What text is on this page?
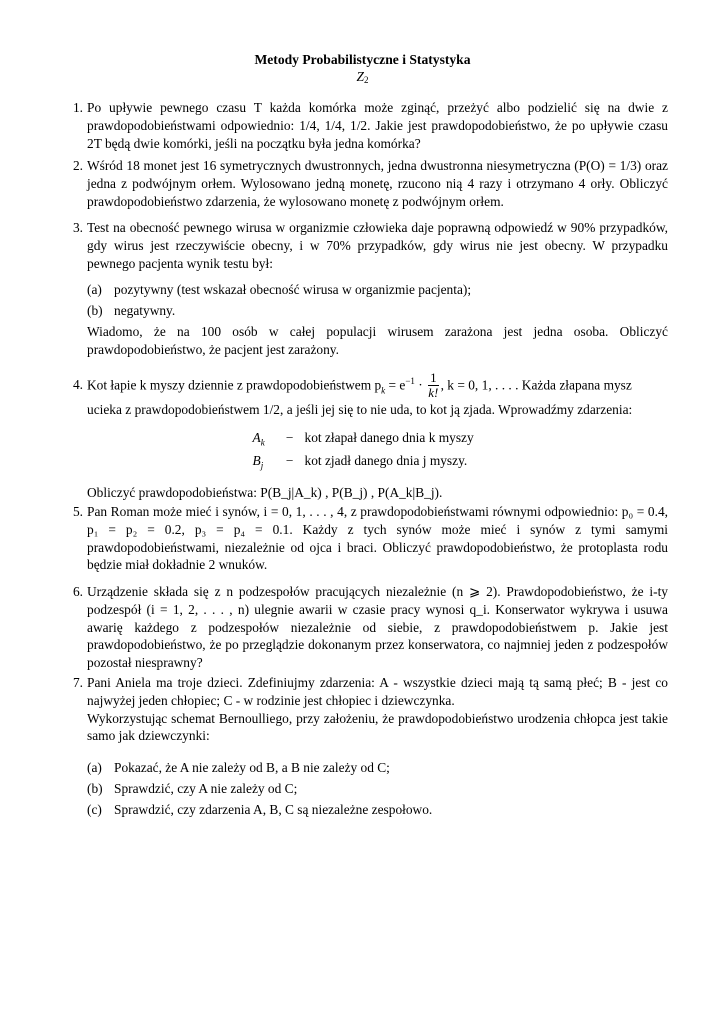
Metody Probabilistyczne i Statystyka
$Z_2$
1. Po upływie pewnego czasu T każda komórka może zginąć, przeżyć albo podzielić się na dwie z prawdopodobieństwami odpowiednio: 1/4, 1/4, 1/2. Jakie jest prawdopodobieństwo, że po upływie czasu 2T będą dwie komórki, jeśli na początku była jedna komórka?

2. Wśród 18 monet jest 16 symetrycznych dwustronnych, jedna dwustronna niesymetryczna (P(O) = 1/3) oraz jedna z podwójnym orłem. Wylosowano jedną monetę, rzucono nią 4 razy i otrzymano 4 orły. Obliczyć prawdopodobieństwo zdarzenia, że wylosowano monetę z podwójnym orłem.

3. Test na obecność pewnego wirusa w organizmie człowieka daje poprawną odpowiedź w 90% przypadków, gdy wirus jest rzeczywiście obecny, i w 70% przypadków, gdy wirus nie jest obecny. W przypadku pewnego pacjenta wynik testu był:

(a) pozytywny (test wskazał obecność wirusa w organizmie pacjenta);
(b) negatywny.

Wiadomo, że na 100 osób w całej populacji wirusem zarażona jest jedna osoba. Obliczyć prawdopodobieństwo, że pacjent jest zarażony.

4. Kot łapie k myszy dziennie z prawdopodobieństwem $p_k = e^{-1} \cdot \frac{1}{k!}$ , k = 0, 1, . . . . Każda złapana mysz

ucieka z prawdopodobieństwem 1/2, a jeśli jej się to nie uda, to kot ją zjada. Wprowadźmy zdarzenia:

$A_k$	− kot złapał danego dnia k myszy
$B_j$	− kot zjadł danego dnia j myszy.

Obliczyć prawdopodobieństwa: P(B_j|A_k) , P(B_j) , P(A_k|B_j).

5. Pan Roman może mieć i synów, i = 0, 1, . . . , 4, z prawdopodobieństwami równymi odpowiednio: p₀ = 0.4, p₁ = p₂ = 0.2, p₃ = p₄ = 0.1. Każdy z tych synów może mieć i synów z tymi samymi prawdopodobieństwami, niezależnie od ojca i braci. Obliczyć prawdopodobieństwo, że protoplasta rodu będzie miał dokładnie 2 wnuków.

6. Urządzenie składa się z n podzespołów pracujących niezależnie (n ⩾ 2). Prawdopodobieństwo, że i-ty podzespół (i = 1, 2, . . . , n) ulegnie awarii w czasie pracy wynosi q_i. Konserwator wykrywa i usuwa awarię każdego z podzespołów niezależnie od siebie, z prawdopodobieństwem p. Jakie jest prawdopodobieństwo, że po przeglądzie dokonanym przez konserwatora, co najmniej jeden z podzespołów pozostał niesprawny?

7. Pani Aniela ma troje dzieci. Zdefiniujmy zdarzenia: A - wszystkie dzieci mają tą samą płeć; B - jest co najwyżej jeden chłopiec; C - w rodzinie jest chłopiec i dziewczynka.

Wykorzystując schemat Bernoulliego, przy założeniu, że prawdopodobieństwo urodzenia chłopca jest takie samo jak dziewczynki:

(a) Pokazać, że A nie zależy od B, a B nie zależy od C;
(b) Sprawdzić, czy A nie zależy od C;
(c) Sprawdzić, czy zdarzenia A, B, C są niezależne zespołowo.
